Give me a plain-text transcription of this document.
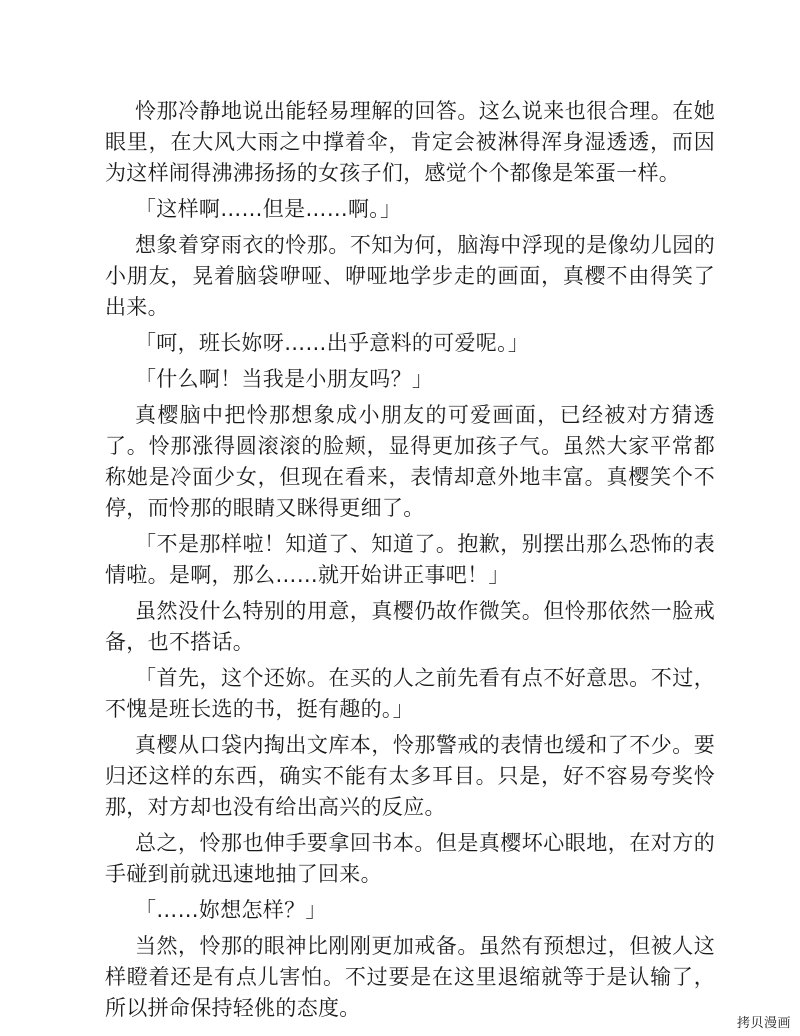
怜那冷静地说出能轻易理解的回答。这么说来也很合理。在她眼里，在大风大雨之中撑着伞，肯定会被淋得浑身湿透透，而因为这样闹得沸沸扬扬的女孩子们，感觉个个都像是笨蛋一样。

「这样啊……但是……啊。」

想象着穿雨衣的怜那。不知为何，脑海中浮现的是像幼儿园的小朋友，晃着脑袋咿哑、咿哑地学步走的画面，真樱不由得笑了出来。

「呵，班长妳呀……出乎意料的可爱呢。」

「什么啊！当我是小朋友吗？」

真樱脑中把怜那想象成小朋友的可爱画面，已经被对方猜透了。怜那涨得圆滚滚的脸颊，显得更加孩子气。虽然大家平常都称她是冷面少女，但现在看来，表情却意外地丰富。真樱笑个不停，而怜那的眼睛又眯得更细了。

「不是那样啦！知道了、知道了。抱歉，别摆出那么恐怖的表情啦。是啊，那么……就开始讲正事吧！」

虽然没什么特别的用意，真樱仍故作微笑。但怜那依然一脸戒备，也不搭话。

「首先，这个还妳。在买的人之前先看有点不好意思。不过，不愧是班长选的书，挺有趣的。」

真樱从口袋内掏出文库本，怜那警戒的表情也缓和了不少。要归还这样的东西，确实不能有太多耳目。只是，好不容易夸奖怜那，对方却也没有给出高兴的反应。

总之，怜那也伸手要拿回书本。但是真樱坏心眼地，在对方的手碰到前就迅速地抽了回来。

「……妳想怎样？」

当然，怜那的眼神比刚刚更加戒备。虽然有预想过，但被人这样瞪着还是有点儿害怕。不过要是在这里退缩就等于是认输了，所以拼命保持轻佻的态度。

拷贝漫画
